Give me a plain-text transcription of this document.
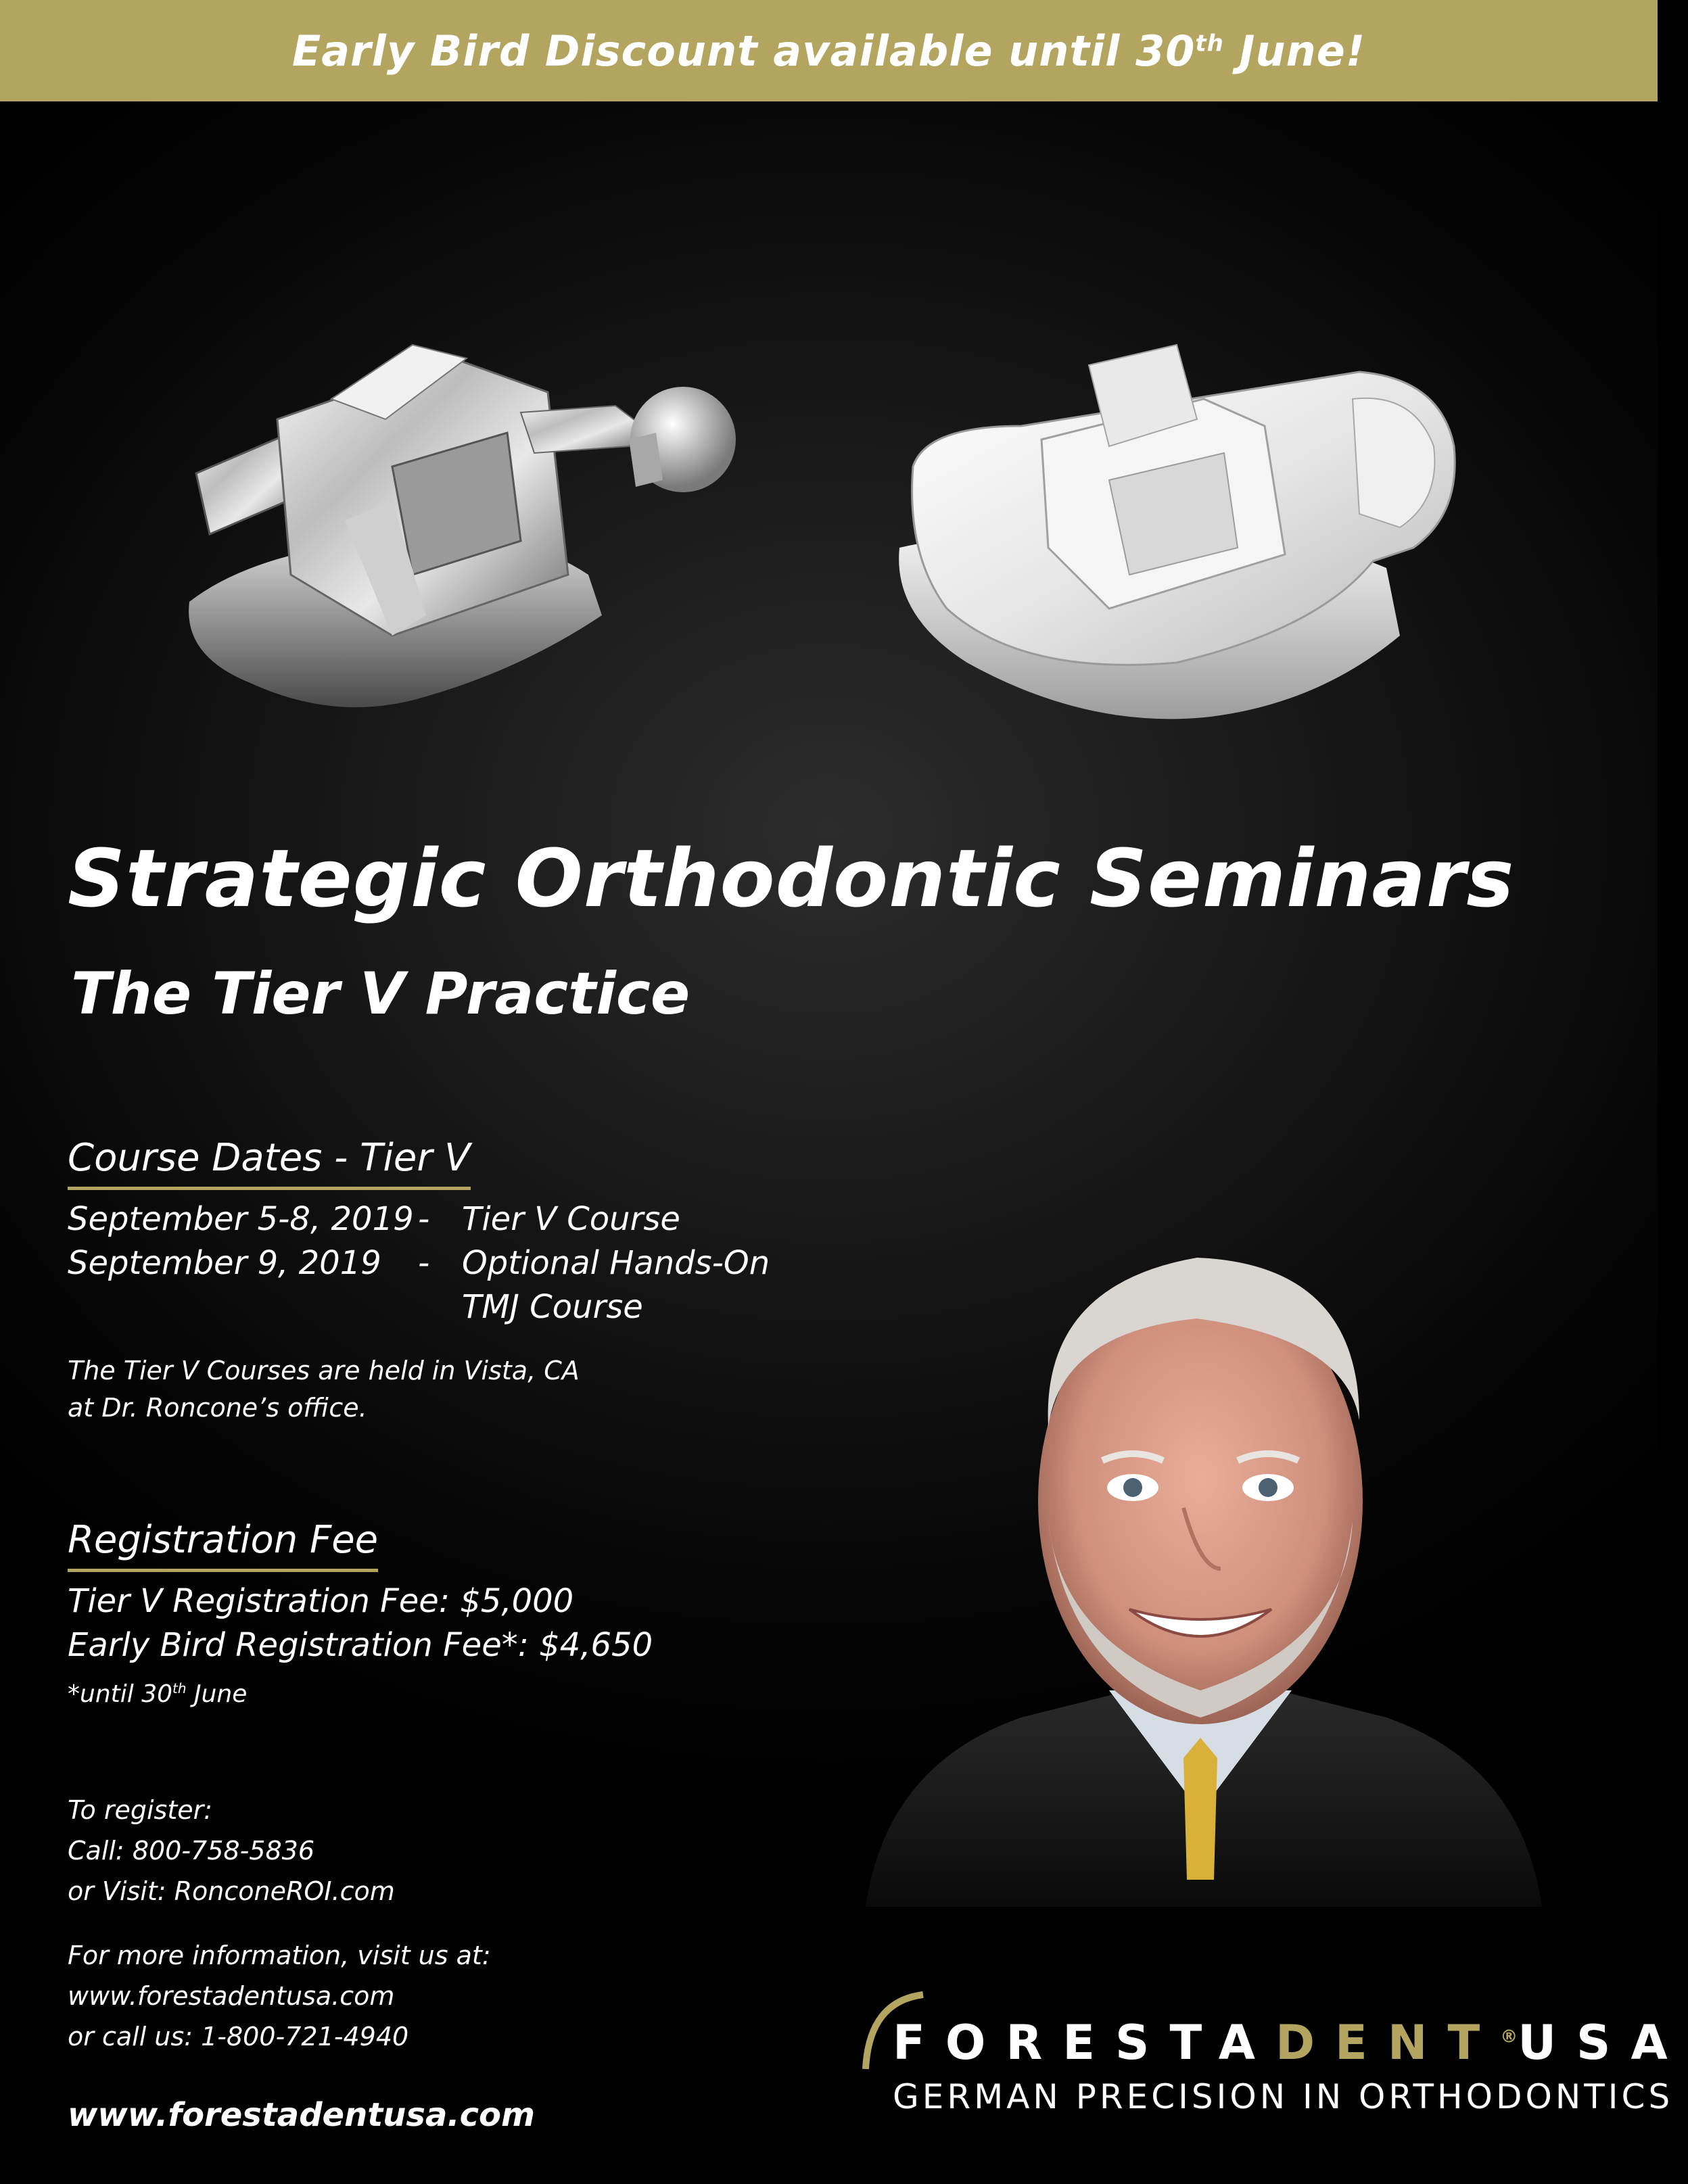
Early Bird Discount available until 30th June!
Strategic Orthodontic Seminars
The Tier V Practice
Course Dates - Tier V
September 5-8, 2019 - Tier V Course
September 9, 2019 - Optional Hands-On
TMJ Course
The Tier V Courses are held in Vista, CA
at Dr. Roncone’s office.
Registration Fee
Tier V Registration Fee: $5,000
Early Bird Registration Fee*: $4,650
*until 30th June
To register:
Call: 800-758-5836
or Visit: RonconeROI.com
For more information, visit us at:
www.forestadentusa.com
or call us: 1-800-721-4940
www.forestadentusa.com
FORESTADENT®USA
GERMAN PRECISION IN ORTHODONTICS
